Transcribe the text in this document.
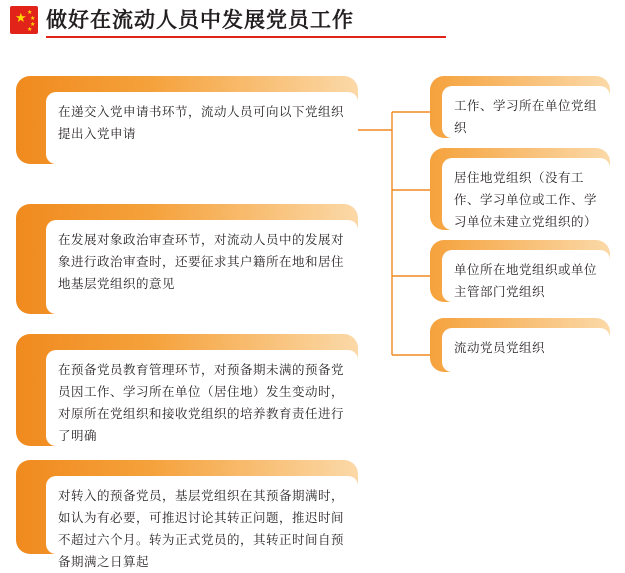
★ ★
★
★
★ 做好在流动人员中发展党员工作
在递交入党申请书环节，流动人员可向以下党组织提出入党申请
在发展对象政治审查环节，对流动人员中的发展对象进行政治审查时，还要征求其户籍所在地和居住地基层党组织的意见
在预备党员教育管理环节，对预备期未满的预备党员因工作、学习所在单位（居住地）发生变动时，对原所在党组织和接收党组织的培养教育责任进行了明确
对转入的预备党员，基层党组织在其预备期满时，如认为有必要，可推迟讨论其转正问题，推迟时间不超过六个月。转为正式党员的，其转正时间自预备期满之日算起
工作、学习所在单位党组织
居住地党组织（没有工作、学习单位或工作、学习单位未建立党组织的）
单位所在地党组织或单位主管部门党组织
流动党员党组织
